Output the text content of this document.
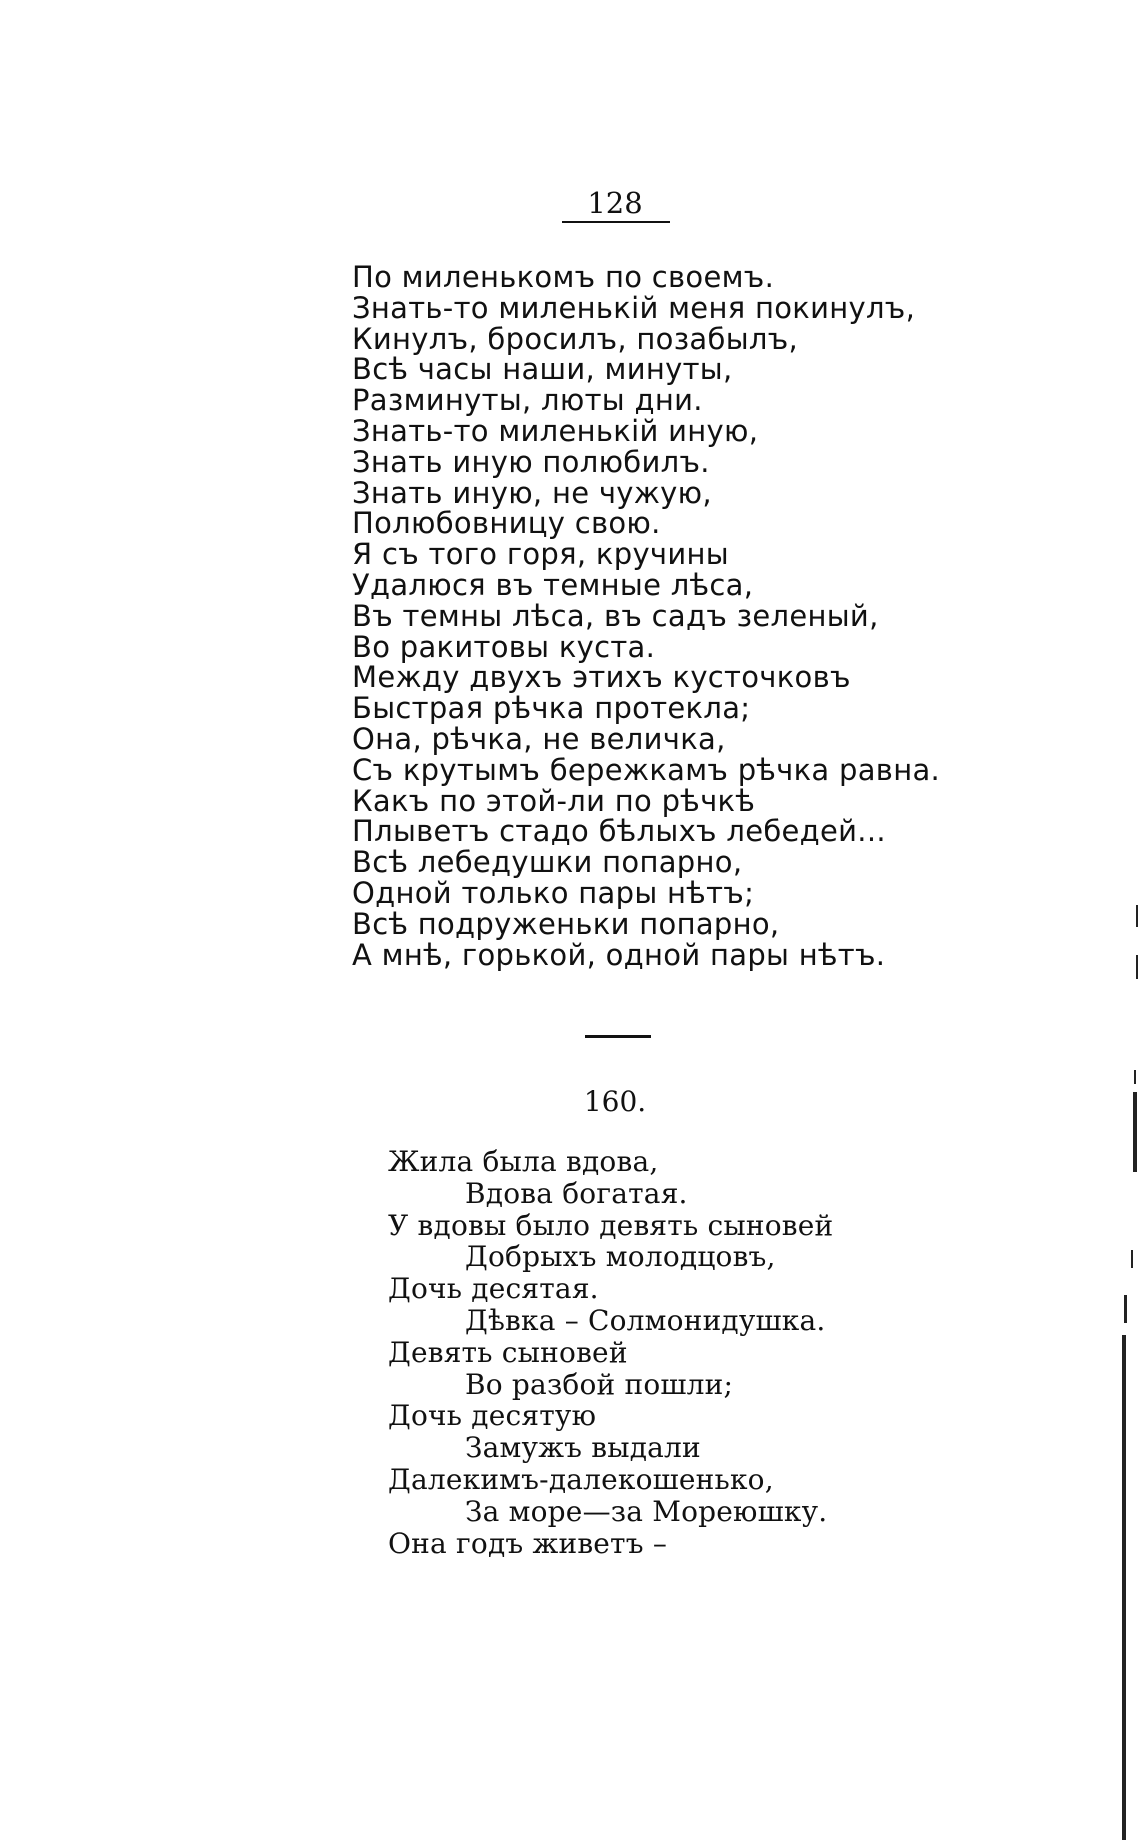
128
По миленькомъ по своемъ.
Знать-то миленькій меня покинулъ,
Кинулъ, бросилъ, позабылъ,
Всѣ часы наши, минуты,
Разминуты, люты дни.
Знать-то миленькій иную,
Знать иную полюбилъ.
Знать иную, не чужую,
Полюбовницу свою.
Я съ того горя, кручины
Удалюся въ темные лѣса,
Въ темны лѣса, въ садъ зеленый,
Во ракитовы куста.
Между двухъ этихъ кусточковъ
Быстрая рѣчка протекла;
Она, рѣчка, не величка,
Съ крутымъ бережкамъ рѣчка равна.
Какъ по этой-ли по рѣчкѣ
Плыветъ стадо бѣлыхъ лебедей...
Всѣ лебедушки попарно,
Одной только пары нѣтъ;
Всѣ подруженьки попарно,
А мнѣ, горькой, одной пары нѣтъ.
160.
Жила была вдова,
Вдова богатая.
У вдовы было девять сыновей
Добрыхъ молодцовъ,
Дочь десятая.
Дѣвка – Солмонидушка.
Девять сыновей
Во разбой пошли;
Дочь десятую
Замужъ выдали
Далекимъ-далекошенько,
За море—за Мореюшку.
Она годъ живетъ –
